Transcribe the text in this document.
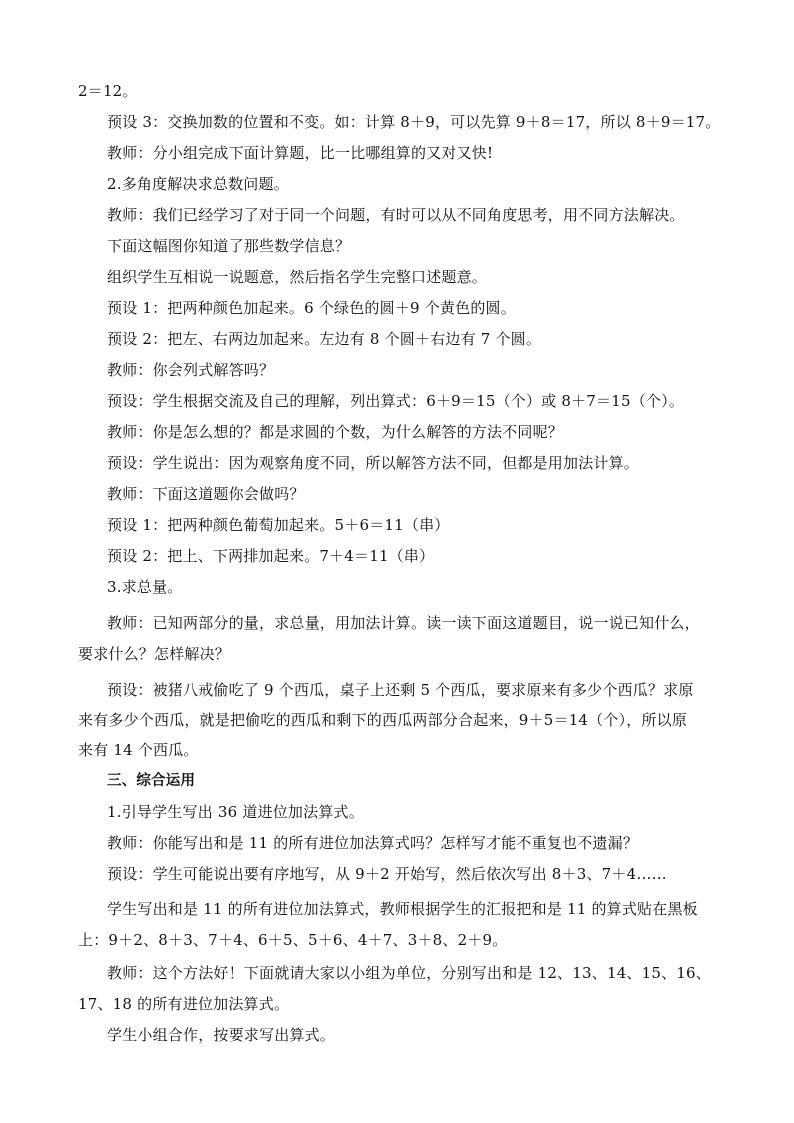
2＝12。
预设 3：交换加数的位置和不变。如：计算 8＋9，可以先算 9＋8＝17，所以 8＋9＝17。
教师：分小组完成下面计算题，比一比哪组算的又对又快!
2.多角度解决求总数问题。
教师：我们已经学习了对于同一个问题，有时可以从不同角度思考，用不同方法解决。
下面这幅图你知道了那些数学信息？
组织学生互相说一说题意，然后指名学生完整口述题意。
预设 1：把两种颜色加起来。6 个绿色的圆＋9 个黄色的圆。
预设 2：把左、右两边加起来。左边有 8 个圆＋右边有 7 个圆。
教师：你会列式解答吗？
预设：学生根据交流及自己的理解，列出算式：6＋9＝15（个）或 8＋7＝15（个）。
教师：你是怎么想的？都是求圆的个数，为什么解答的方法不同呢？
预设：学生说出：因为观察角度不同，所以解答方法不同，但都是用加法计算。
教师：下面这道题你会做吗？
预设 1：把两种颜色葡萄加起来。5＋6＝11（串）
预设 2：把上、下两排加起来。7＋4＝11（串）
3.求总量。
教师：已知两部分的量，求总量，用加法计算。读一读下面这道题目，说一说已知什么，
要求什么？怎样解决？
预设：被猪八戒偷吃了 9 个西瓜，桌子上还剩 5 个西瓜，要求原来有多少个西瓜？求原
来有多少个西瓜，就是把偷吃的西瓜和剩下的西瓜两部分合起来，9＋5＝14（个），所以原
来有 14 个西瓜。
三、综合运用
1.引导学生写出 36 道进位加法算式。
教师：你能写出和是 11 的所有进位加法算式吗？怎样写才能不重复也不遗漏？
预设：学生可能说出要有序地写，从 9＋2 开始写，然后依次写出 8＋3、7＋4……
学生写出和是 11 的所有进位加法算式，教师根据学生的汇报把和是 11 的算式贴在黑板
上：9＋2、8＋3、7＋4、6＋5、5＋6、4＋7、3＋8、2＋9。
教师：这个方法好！下面就请大家以小组为单位，分别写出和是 12、13、14、15、16、
17、18 的所有进位加法算式。
学生小组合作，按要求写出算式。
